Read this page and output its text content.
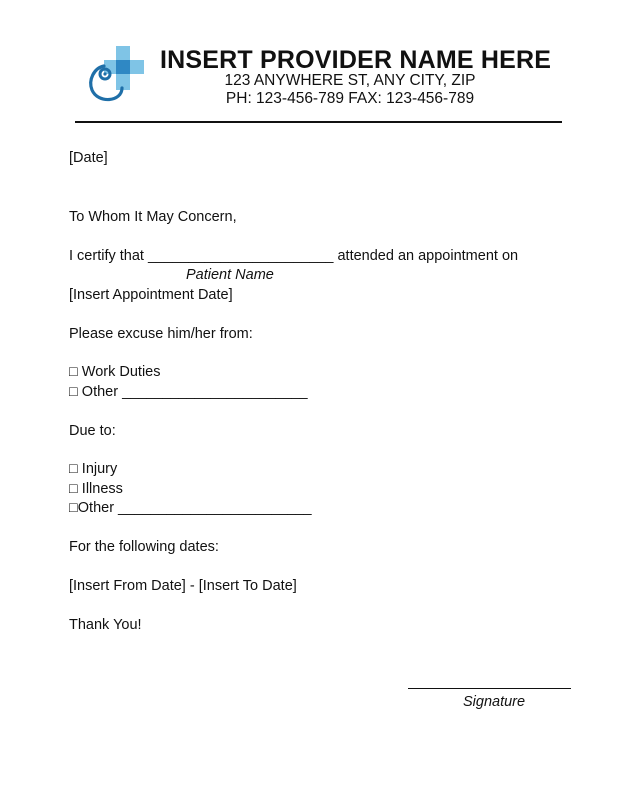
INSERT PROVIDER NAME HERE
123 ANYWHERE ST, ANY CITY, ZIP
PH: 123-456-789 FAX: 123-456-789
[Date]
To Whom It May Concern,
I certify that _______________________ attended an appointment on
Patient Name
[Insert Appointment Date]
Please excuse him/her from:
□ Work Duties
□ Other _______________________
Due to:
□ Injury
□ Illness
□Other ________________________
For the following dates:
[Insert From Date] - [Insert To Date]
Thank You!
Signature
